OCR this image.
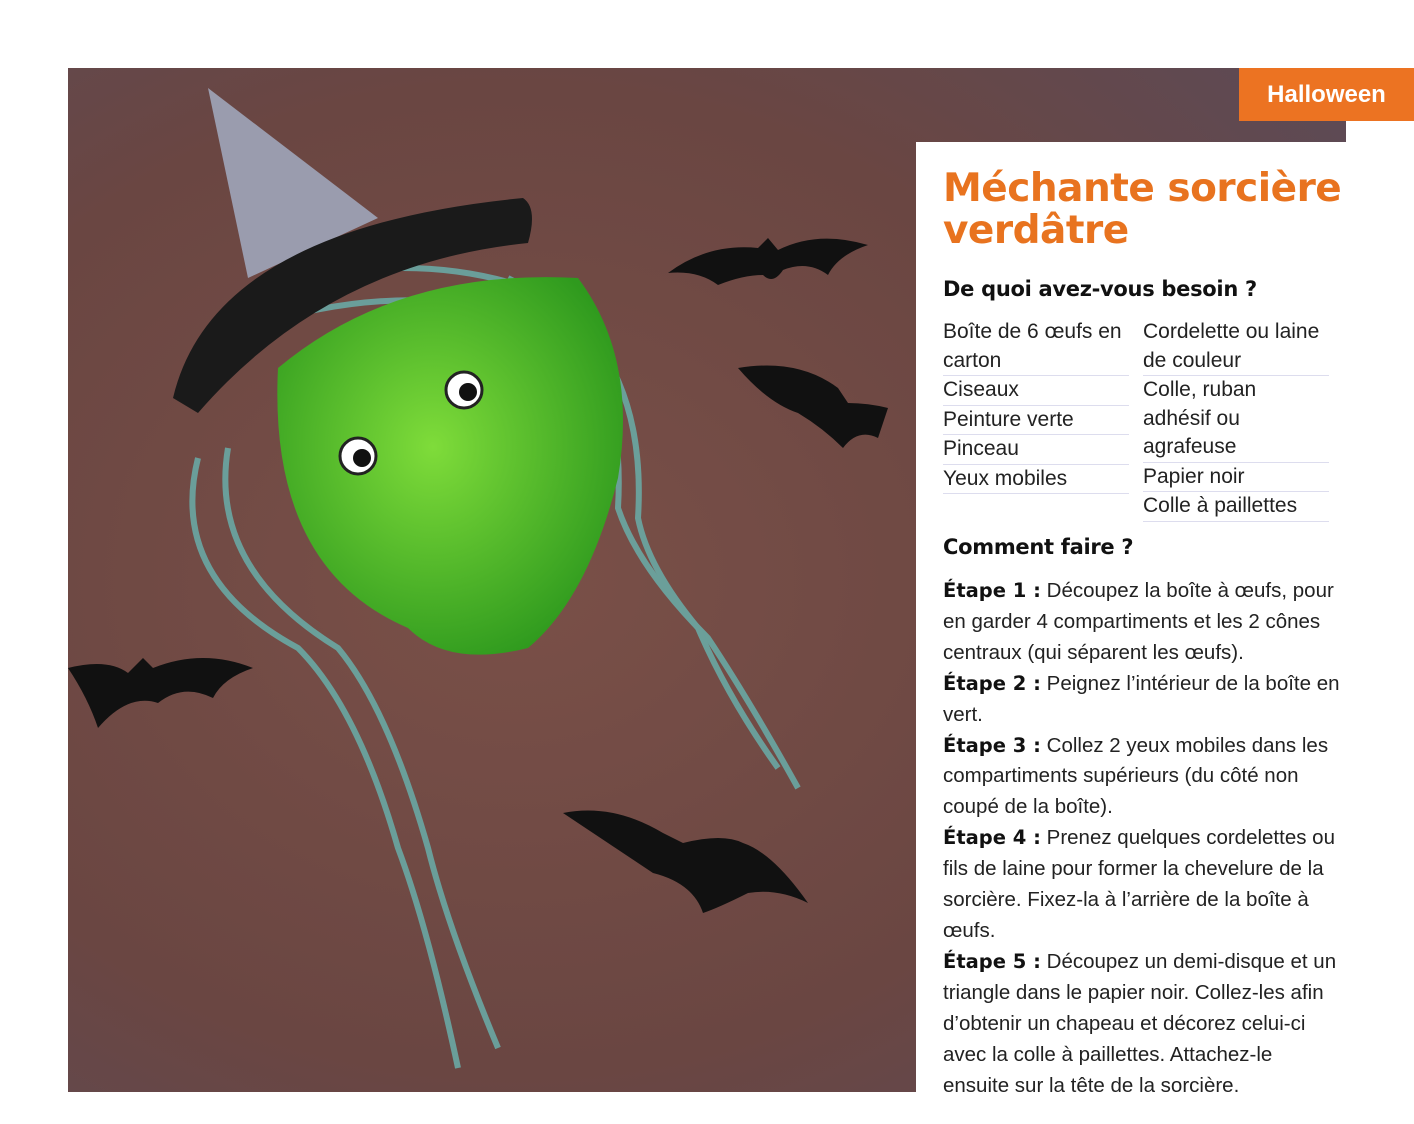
Halloween
Méchante sorcière verdâtre
De quoi avez-vous besoin ?
Boîte de 6 œufs en carton
Ciseaux
Peinture verte
Pinceau
Yeux mobiles
Cordelette ou laine de couleur
Colle, ruban adhésif ou agrafeuse
Papier noir
Colle à paillettes
Comment faire ?
Étape 1 : Découpez la boîte à œufs, pour en garder 4 compartiments et les 2 cônes centraux (qui séparent les œufs).
Étape 2 : Peignez l’intérieur de la boîte en vert.
Étape 3 : Collez 2 yeux mobiles dans les compartiments supérieurs (du côté non coupé de la boîte).
Étape 4 : Prenez quelques cordelettes ou fils de laine pour former la chevelure de la sorcière. Fixez-la à l’arrière de la boîte à œufs.
Étape 5 : Découpez un demi-disque et un triangle dans le papier noir. Collez-les afin d’obtenir un chapeau et décorez celui-ci avec la colle à paillettes. Attachez-le ensuite sur la tête de la sorcière.
